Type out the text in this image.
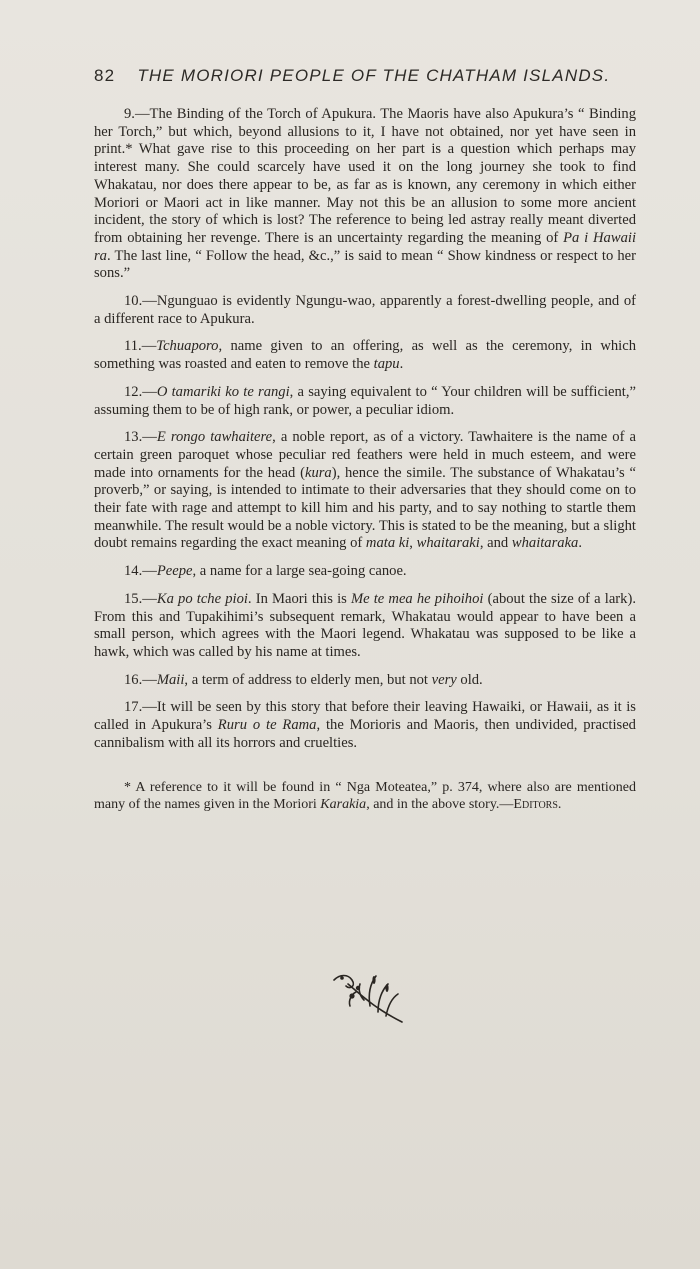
82 THE MORIORI PEOPLE OF THE CHATHAM ISLANDS.

9.—The Binding of the Torch of Apukura. The Maoris have also Apukura’s “ Binding her Torch,” but which, beyond allusions to it, I have not obtained, nor yet have seen in print.* What gave rise to this proceeding on her part is a question which perhaps may interest many. She could scarcely have used it on the long journey she took to find Whakatau, nor does there appear to be, as far as is known, any ceremony in which either Moriori or Maori act in like manner. May not this be an allusion to some more ancient incident, the story of which is lost? The reference to being led astray really meant diverted from obtaining her revenge. There is an uncertainty regarding the meaning of Pa i Hawaii ra. The last line, “ Follow the head, &c.,” is said to mean “ Show kindness or respect to her sons.”

10.—Ngunguao is evidently Ngungu-wao, apparently a forest-dwelling people, and of a different race to Apukura.

11.—Tchuaporo, name given to an offering, as well as the ceremony, in which something was roasted and eaten to remove the tapu.

12.—O tamariki ko te rangi, a saying equivalent to “ Your children will be sufficient,” assuming them to be of high rank, or power, a peculiar idiom.

13.—E rongo tawhaitere, a noble report, as of a victory. Tawhaitere is the name of a certain green paroquet whose peculiar red feathers were held in much esteem, and were made into ornaments for the head (kura), hence the simile. The substance of Whakatau’s “ proverb,” or saying, is intended to intimate to their adversaries that they should come on to their fate with rage and attempt to kill him and his party, and to say nothing to startle them meanwhile. The result would be a noble victory. This is stated to be the meaning, but a slight doubt remains regarding the exact meaning of mata ki, whaitaraki, and whaitaraka.

14.—Peepe, a name for a large sea-going canoe.

15.—Ka po tche pioi. In Maori this is Me te mea he pihoihoi (about the size of a lark). From this and Tupakihimi’s subsequent remark, Whakatau would appear to have been a small person, which agrees with the Maori legend. Whakatau was supposed to be like a hawk, which was called by his name at times.

16.—Maii, a term of address to elderly men, but not very old.

17.—It will be seen by this story that before their leaving Hawaiki, or Hawaii, as it is called in Apukura’s Ruru o te Rama, the Morioris and Maoris, then undivided, practised cannibalism with all its horrors and cruelties.

* A reference to it will be found in “ Nga Moteatea,” p. 374, where also are mentioned many of the names given in the Moriori Karakia, and in the above story.—Editors.
